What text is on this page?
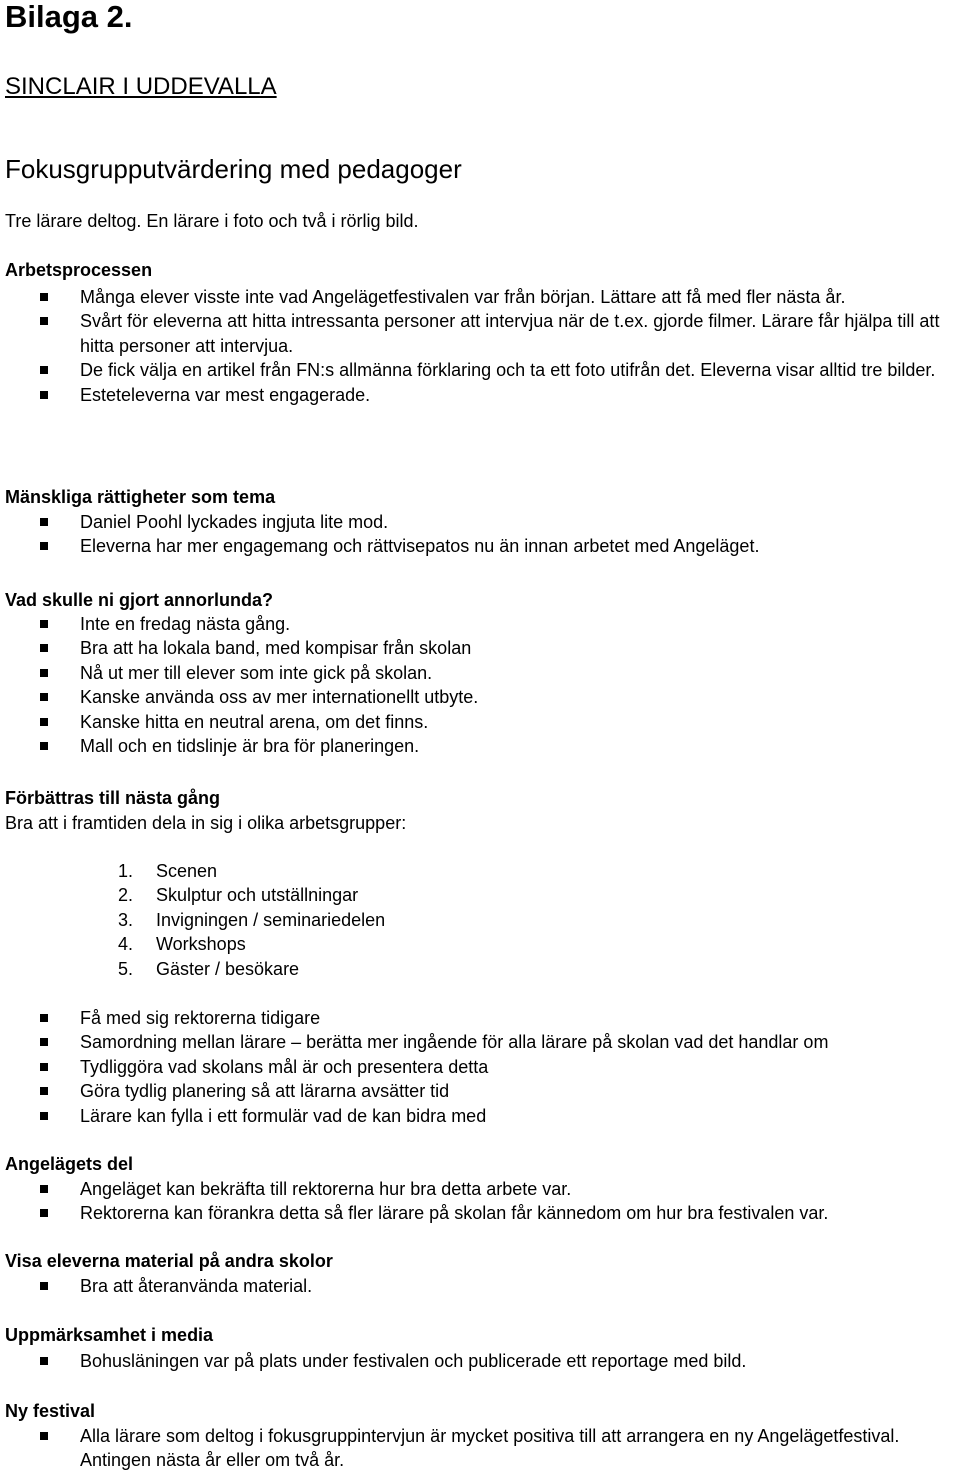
Bilaga 2.
SINCLAIR I UDDEVALLA
Fokusgrupputvärdering med pedagoger
Tre lärare deltog. En lärare i foto och två i rörlig bild.
Arbetsprocessen
Många elever visste inte vad Angelägetfestivalen var från början. Lättare att få med fler nästa år.
Svårt för eleverna att hitta intressanta personer att intervjua när de t.ex. gjorde filmer. Lärare får hjälpa till att hitta personer att intervjua.
De fick välja en artikel från FN:s allmänna förklaring och ta ett foto utifrån det. Eleverna visar alltid tre bilder.
Esteteleverna var mest engagerade.
Mänskliga rättigheter som tema
Daniel Poohl lyckades ingjuta lite mod.
Eleverna har mer engagemang och rättvisepatos nu än innan arbetet med Angeläget.
Vad skulle ni gjort annorlunda?
Inte en fredag nästa gång.
Bra att ha lokala band, med kompisar från skolan
Nå ut mer till elever som inte gick på skolan.
Kanske använda oss av mer internationellt utbyte.
Kanske hitta en neutral arena, om det finns.
Mall och en tidslinje är bra för planeringen.
Förbättras till nästa gång
Bra att i framtiden dela in sig i olika arbetsgrupper:
1. Scenen
2. Skulptur och utställningar
3. Invigningen / seminariedelen
4. Workshops
5. Gäster / besökare
Få med sig rektorerna tidigare
Samordning mellan lärare – berätta mer ingående för alla lärare på skolan vad det handlar om
Tydliggöra vad skolans mål är och presentera detta
Göra tydlig planering så att lärarna avsätter tid
Lärare kan fylla i ett formulär vad de kan bidra med
Angelägets del
Angeläget kan bekräfta till rektorerna hur bra detta arbete var.
Rektorerna kan förankra detta så fler lärare på skolan får kännedom om hur bra festivalen var.
Visa eleverna material på andra skolor
Bra att återanvända material.
Uppmärksamhet i media
Bohusläningen var på plats under festivalen och publicerade ett reportage med bild.
Ny festival
Alla lärare som deltog i fokusgruppintervjun är mycket positiva till att arrangera en ny Angelägetfestival. Antingen nästa år eller om två år.
